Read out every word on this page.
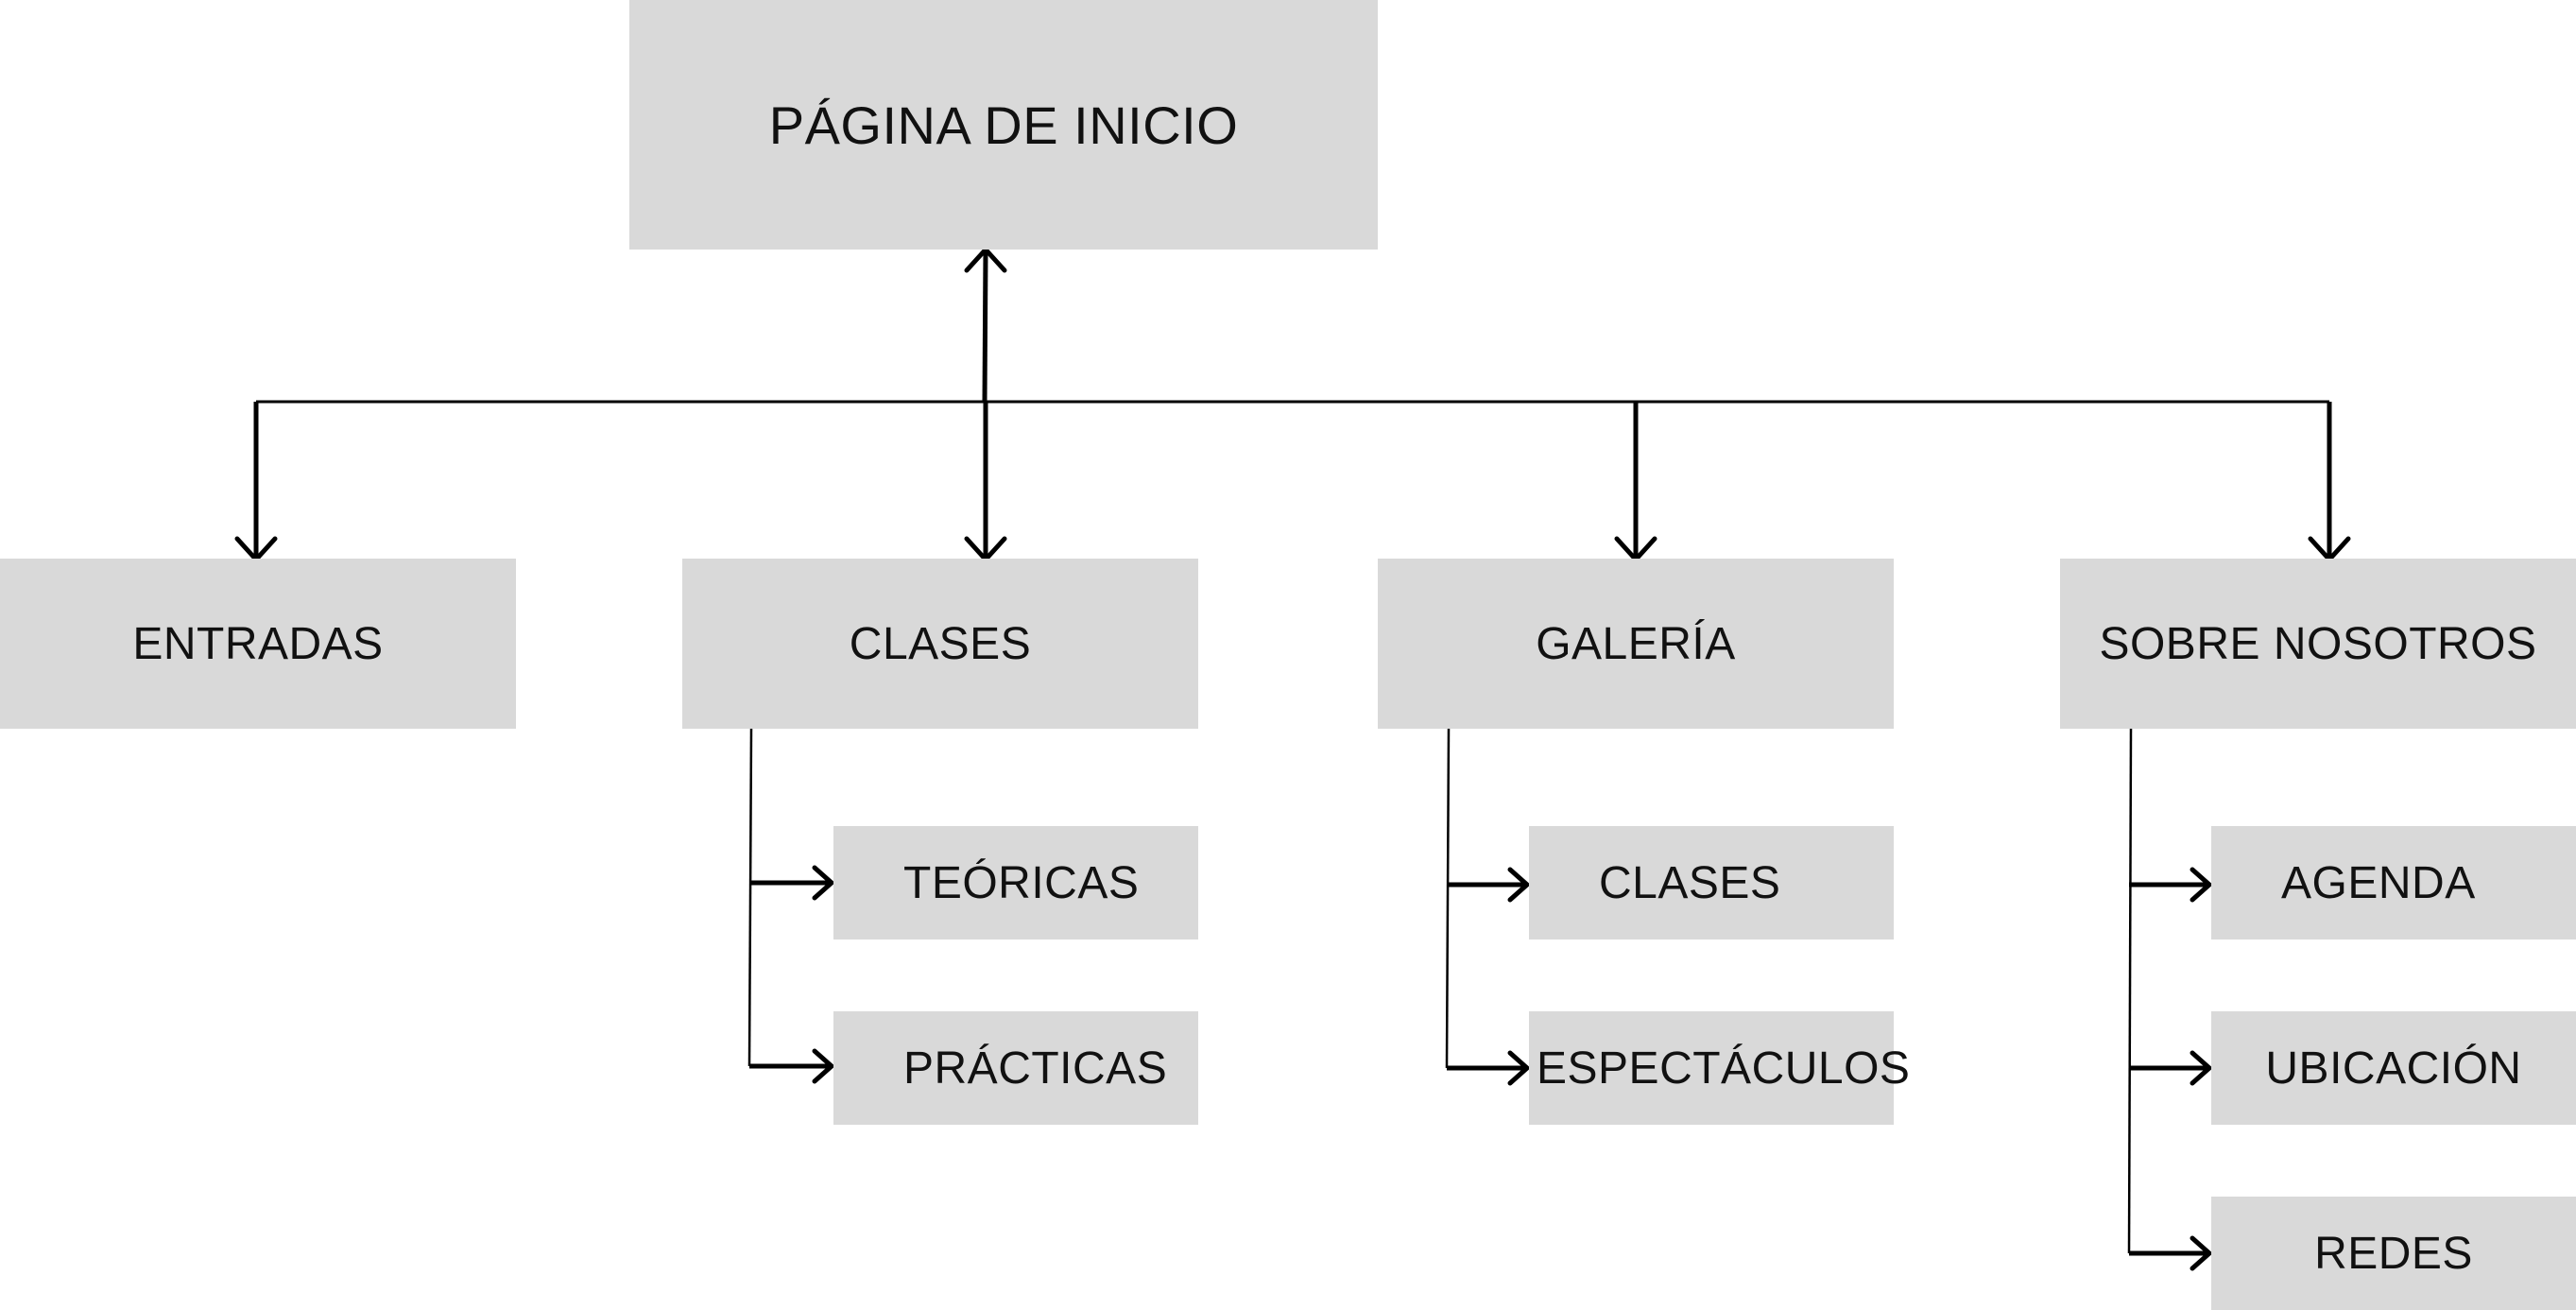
PÁGINA DE INICIO
ENTRADAS	CLASES	GALERÍA	SOBRE NOSOTROS
TEÓRICAS
PRÁCTICAS
CLASES
ESPECTÁCULOS
AGENDA
UBICACIÓN
REDES
